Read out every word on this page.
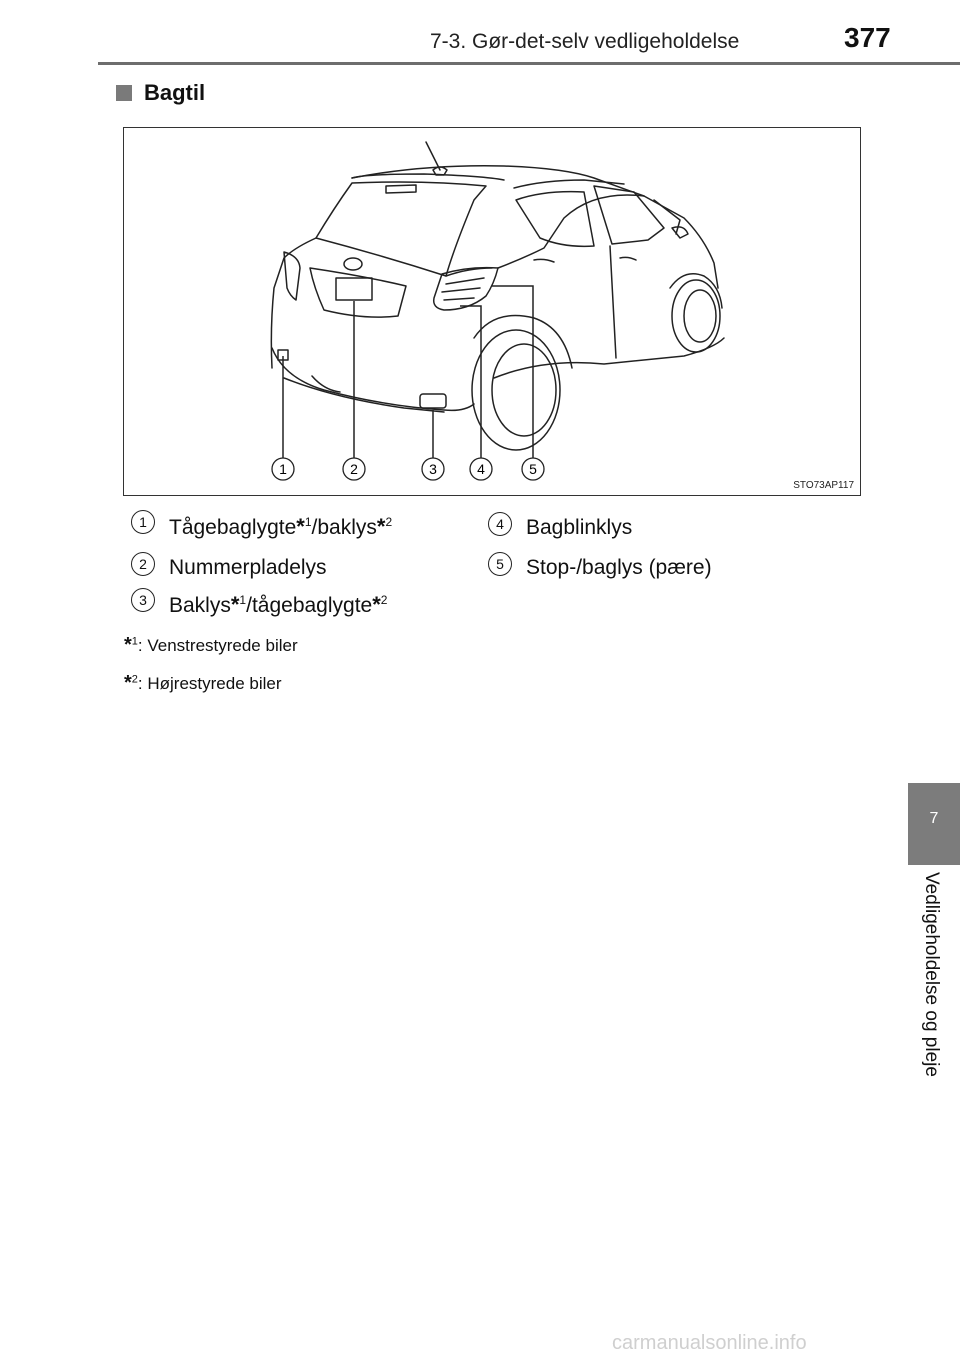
7-3. Gør-det-selv vedligeholdelse	377
Bagtil
1	2	3	4	5
STO73AP117
1	Tågebaglygte*$^1$/baklys*$^2$
2	Nummerpladelys
3	Baklys*$^1$/tågebaglygte*$^2$
4	Bagblinklys
5	Stop-/baglys (pære)
*$^1$: Venstrestyrede biler
*$^2$: Højrestyrede biler
7
Vedligeholdelse og pleje
carmanualsonline.info
